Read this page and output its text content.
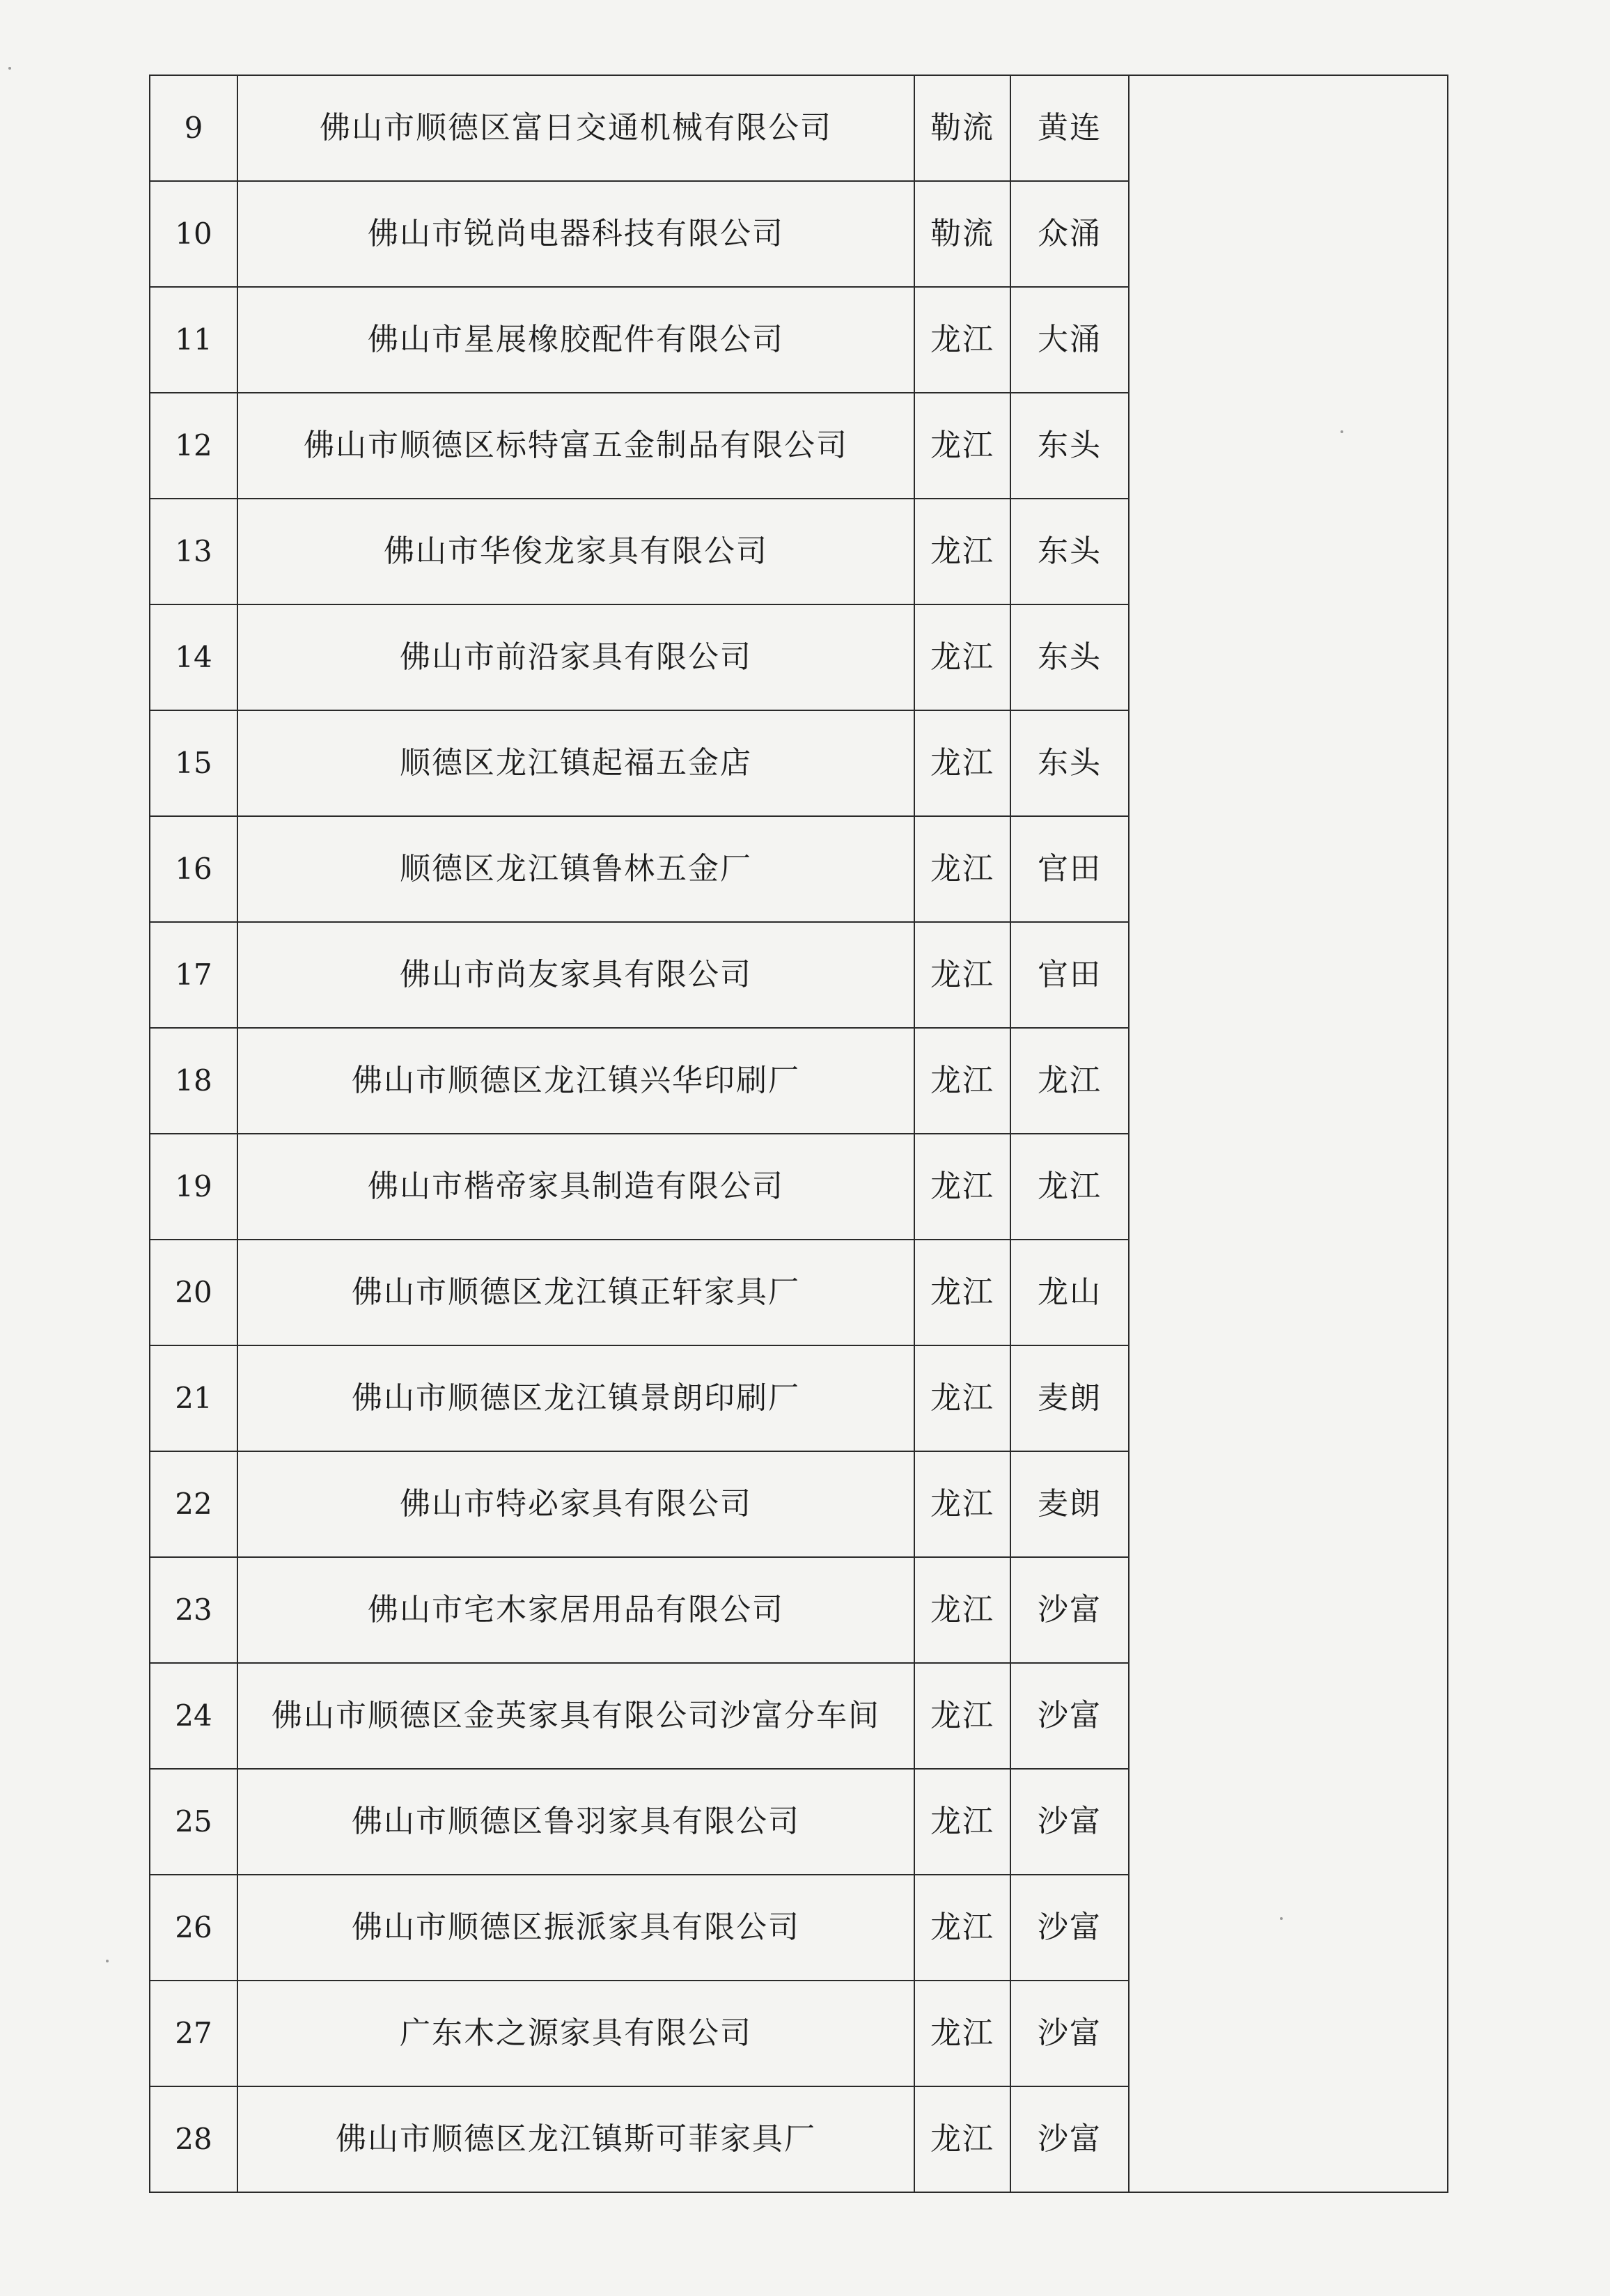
9	佛山市顺德区富日交通机械有限公司	勒流	黄连	
10	佛山市锐尚电器科技有限公司	勒流	众涌	
11	佛山市星展橡胶配件有限公司	龙江	大涌	
12	佛山市顺德区标特富五金制品有限公司	龙江	东头	
13	佛山市华俊龙家具有限公司	龙江	东头	
14	佛山市前沿家具有限公司	龙江	东头	
15	顺德区龙江镇起福五金店	龙江	东头	
16	顺德区龙江镇鲁林五金厂	龙江	官田	
17	佛山市尚友家具有限公司	龙江	官田	
18	佛山市顺德区龙江镇兴华印刷厂	龙江	龙江	
19	佛山市楷帝家具制造有限公司	龙江	龙江	
20	佛山市顺德区龙江镇正轩家具厂	龙江	龙山	
21	佛山市顺德区龙江镇景朗印刷厂	龙江	麦朗	
22	佛山市特必家具有限公司	龙江	麦朗	
23	佛山市宅木家居用品有限公司	龙江	沙富	
24	佛山市顺德区金英家具有限公司沙富分车间	龙江	沙富	
25	佛山市顺德区鲁羽家具有限公司	龙江	沙富	
26	佛山市顺德区振派家具有限公司	龙江	沙富	
27	广东木之源家具有限公司	龙江	沙富	
28	佛山市顺德区龙江镇斯可菲家具厂	龙江	沙富	
